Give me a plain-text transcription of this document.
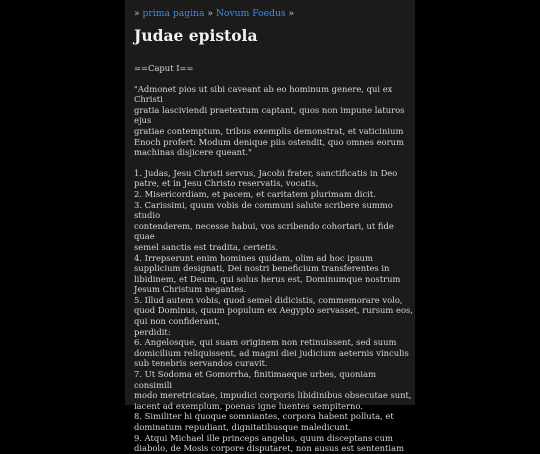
» prima pagina » Novum Foedus »
Judae epistola
==Caput I==
"Admonet pios ut sibi caveant ab eo hominum genere, qui ex Christi
gratia lasciviendi praetextum captant, quos non impune laturos ejus
gratiae contemptum, tribus exemplis demonstrat, et vaticinium
Enoch profert: Modum denique piis ostendit, quo omnes eorum
machinas disjicere queant."
1. Judas, Jesu Christi servus, Jacobi frater, sanctificatis in Deo
patre, et in Jesu Christo reservatis, vocatis,
2. Misericordiam, et pacem, et caritatem plurimam dicit.
3. Carissimi, quum vobis de communi salute scribere summo studio
contenderem, necesse habui, vos scribendo cohortari, ut fide quae
semel sanctis est tradita, certetis.
4. Irrepserunt enim homines quidam, olim ad hoc ipsum
supplicium designati, Dei nostri beneficium transferentes in
libidinem, et Deum, qui solus herus est, Dominumque nostrum
Jesum Christum negantes.
5. Illud autem vobis, quod semel didicistis, commemorare volo,
quod Dominus, quum populum ex Aegypto servasset, rursum eos,
qui non confiderant,
perdidit:
6. Angelosque, qui suam originem non retinuissent, sed suum
domicilium reliquissent, ad magni diei judicium aeternis vinculis
sub tenebris servandos curavit.
7. Ut Sodoma et Gomorrha, finitimaeque urbes, quoniam consimili
modo meretricatae, impudici corporis libidinibus obsecutae sunt,
iacent ad exemplum, poenas igne luentes sempiterno.
8. Similiter hi quoque somniantes, corpora habent polluta, et
dominatum repudiant, dignitatibusque maledicunt.
9. Atqui Michael ille princeps angelus, quum disceptans cum
diabolo, de Mosis corpore disputaret, non ausus est sententiam
